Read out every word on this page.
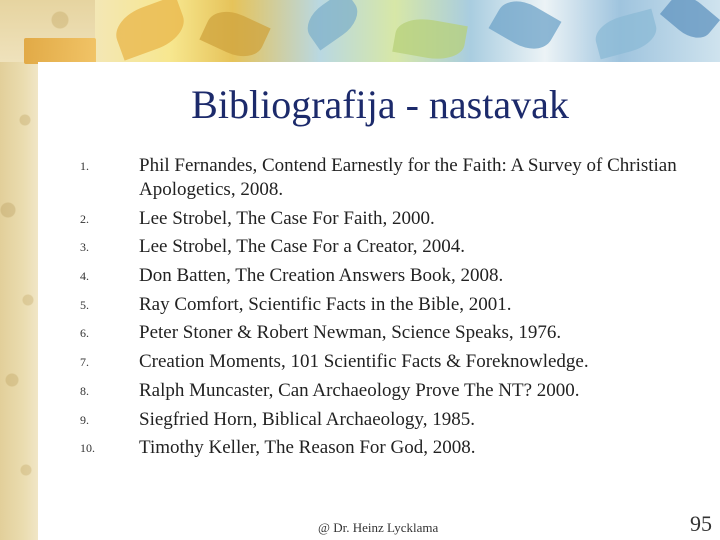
Bibliografija - nastavak
1.	Phil Fernandes, Contend Earnestly for the Faith: A Survey of Christian Apologetics, 2008.
2.	Lee Strobel, The Case For Faith, 2000.
3.	Lee Strobel, The Case For a Creator, 2004.
4.	Don Batten, The Creation Answers Book, 2008.
5.	Ray Comfort, Scientific Facts in the Bible, 2001.
6.	Peter Stoner & Robert Newman, Science Speaks, 1976.
7.	Creation Moments, 101 Scientific Facts & Foreknowledge.
8.	Ralph Muncaster, Can Archaeology Prove The NT? 2000.
9.	Siegfried Horn, Biblical Archaeology, 1985.
10.	Timothy Keller, The Reason For God, 2008.
@ Dr. Heinz Lycklama	95
